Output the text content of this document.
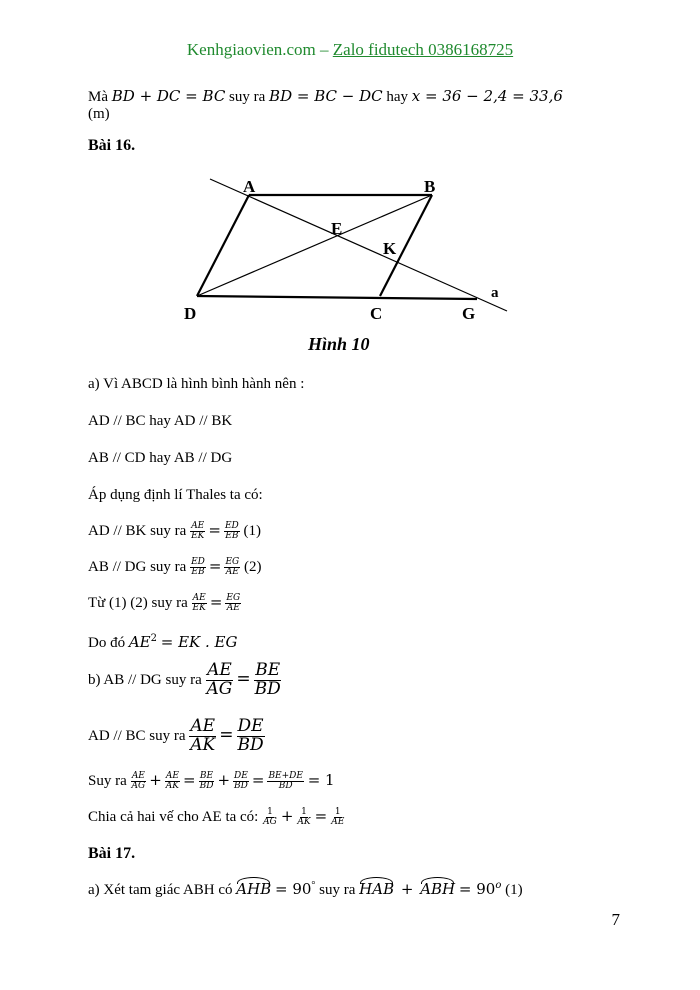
Kenhgiaovien.com – Zalo fidutech 0386168725
Mà BD + DC = BC suy ra BD = BC − DC hay x = 36 − 2,4 = 33,6
(m)
Bài 16.
A	B
E
K
D	C	G
a
Hình 10
a) Vì ABCD là hình bình hành nên :
AD // BC hay AD // BK
AB // CD hay AB // DG
Áp dụng định lí Thales ta có:
AD // BK suy ra $\frac{AE}{EK} = \frac{ED}{EB} (1)$
AB // DG suy ra $\frac{ED}{EB} = \frac{EG}{AE} (2)$
Từ (1) (2) suy ra $\frac{AE}{EK} = \frac{EG}{AE}$
Do đó $AE^2$ = EK . EG
b) AB // DG suy ra $\frac{AE}{AG} = \frac{BE}{BD}$
AD // BC suy ra $\frac{AE}{AK} = \frac{DE}{BD}$
Suy ra $\frac{AE}{AG} + \frac{AE}{AK} = \frac{BE}{BD} + \frac{DE}{BD} = \frac{BE+DE}{BD} = 1$
Chia cả hai vế cho AE ta có: $\frac{1}{AG} + \frac{1}{AK} = \frac{1}{AE}$
Bài 17.
a) Xét tam giác ABH có AHB = 90° suy ra HAB + ABH = $90^o$ (1)
7
